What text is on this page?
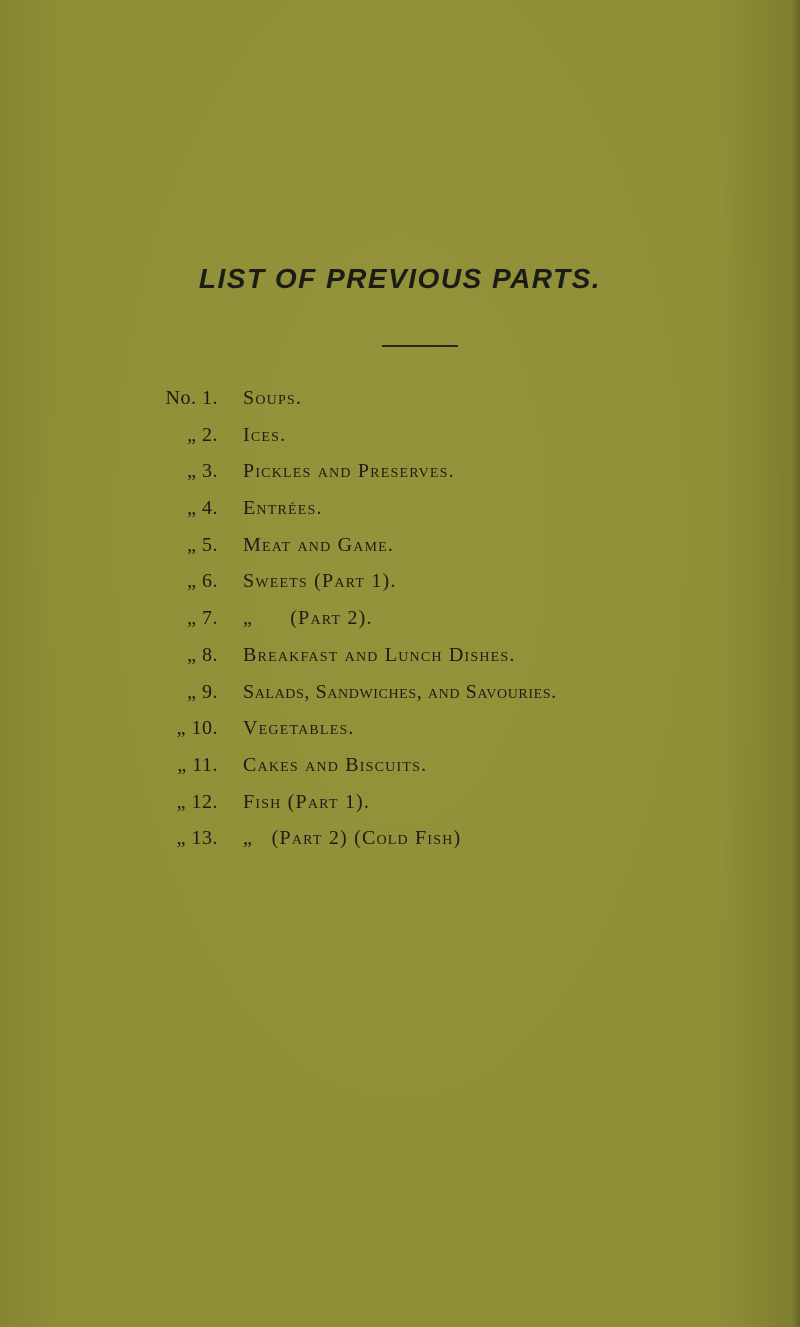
LIST OF PREVIOUS PARTS.
No. 1. Soups.
„ 2. Ices.
„ 3. Pickles and Preserves.
„ 4. Entrées.
„ 5. Meat and Game.
„ 6. Sweets (Part 1).
„ 7. „      (Part 2).
„ 8. Breakfast and Lunch Dishes.
„ 9. Salads, Sandwiches, and Savouries.
„ 10. Vegetables.
„ 11. Cakes and Biscuits.
„ 12. Fish (Part 1).
„ 13. „   (Part 2) (Cold Fish)
